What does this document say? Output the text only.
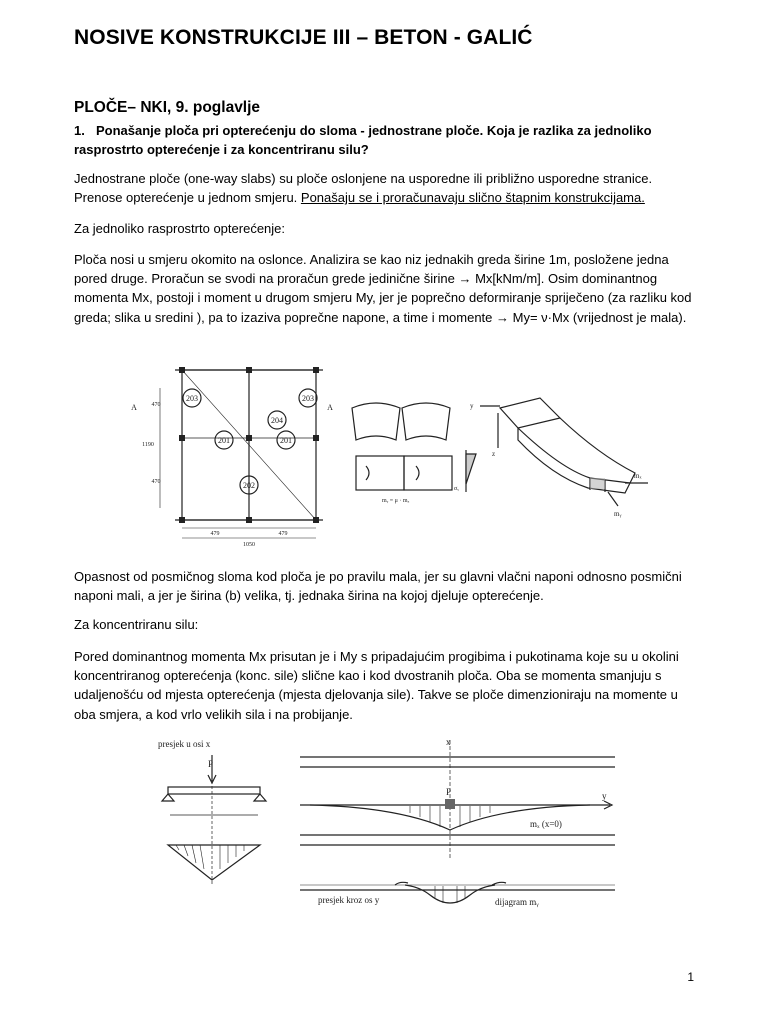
NOSIVE KONSTRUKCIJE III – BETON - GALIĆ
PLOČE– NKI, 9. poglavlje
1. Ponašanje ploča pri opterećenju do sloma - jednostrane ploče. Koja je razlika za jednoliko rasprostrto opterećenje i za koncentriranu silu?
Jednostrane ploče (one-way slabs) su ploče oslonjene na usporedne ili približno usporedne stranice. Prenose opterećenje u jednom smjeru. Ponašaju se i proračunavaju slično štapnim konstrukcijama.
Za jednoliko rasprostrto opterećenje:
Ploča nosi u smjeru okomito na oslonce. Analizira se kao niz jednakih greda širine 1m, posložene jedna pored druge. Proračun se svodi na proračun grede jedinične širine → Mx[kNm/m]. Osim dominantnog momenta Mx, postoji i moment u drugom smjeru My, jer je poprečno deformiranje spriječeno (za razliku kod greda; slika u sredini ), pa to izaziva poprečne napone, a time i momente → My= ν·Mx (vrijednost je mala).
201	201
202
203	203
204
A	A
479	479
1050
470
470
1190
mᵧ = μ · mₓ
σᵧ
y
z
mₓ
mᵧ
Opasnost od posmičnog sloma kod ploča je po pravilu mala, jer su glavni vlačni naponi odnosno posmični naponi mali, a jer je širina (b) velika, tj. jednaka širina na kojoj djeluje opterećenje.
Za koncentriranu silu:
Pored dominantnog momenta Mx prisutan je i My s pripadajućim progibima i pukotinama koje su u okolini koncentriranog opterećenja (konc. sile) slične kao i kod dvostranih ploča. Oba se momenta smanjuju s udaljenošću od mjesta opterećenja (mjesta djelovanja sile). Takve se ploče dimenzioniraju na momente u oba smjera, a kod vrlo velikih sila i na probijanje.
presjek u osi x
P
x
y
P
mₓ (x=0)
presjek kroz os y	dijagram mᵧ
1
